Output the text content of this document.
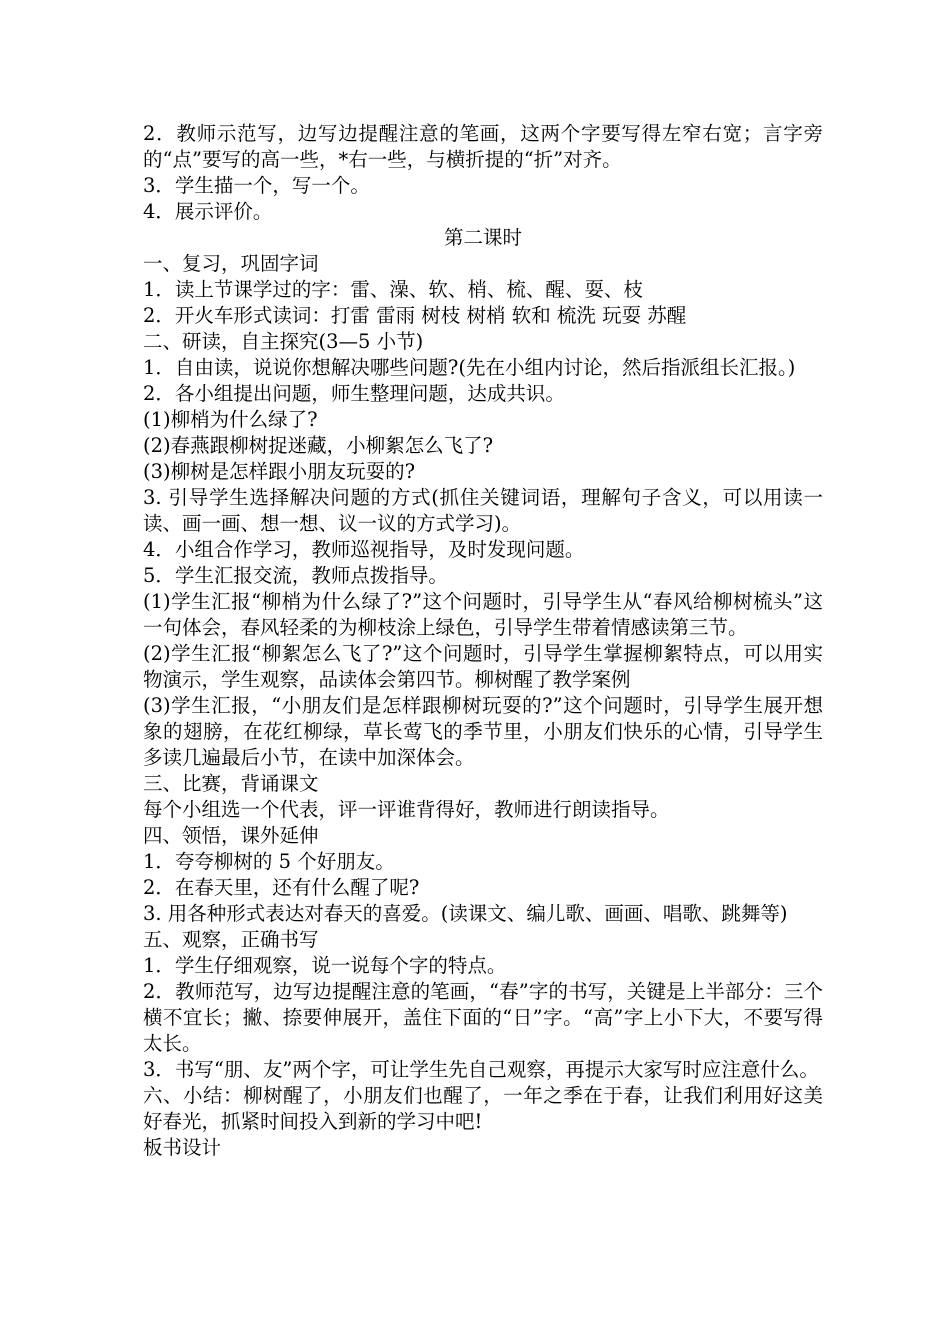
2．教师示范写，边写边提醒注意的笔画，这两个字要写得左窄右宽；言字旁的“点”要写的高一些，*右一些，与横折提的“折”对齐。

3．学生描一个，写一个。

4．展示评价。

第二课时

一、复习，巩固字词

1．读上节课学过的字：雷、澡、软、梢、梳、醒、耍、枝

2．开火车形式读词：打雷 雷雨 树枝 树梢 软和 梳洗 玩耍 苏醒

二、研读，自主探究(3—5 小节)

1．自由读，说说你想解决哪些问题?(先在小组内讨论，然后指派组长汇报。)

2．各小组提出问题，师生整理问题，达成共识。

(1)柳梢为什么绿了?

(2)春燕跟柳树捉迷藏，小柳絮怎么飞了?

(3)柳树是怎样跟小朋友玩耍的?

3. 引导学生选择解决问题的方式(抓住关键词语，理解句子含义，可以用读一读、画一画、想一想、议一议的方式学习)。

4．小组合作学习，教师巡视指导，及时发现问题。

5．学生汇报交流，教师点拨指导。

(1)学生汇报“柳梢为什么绿了?”这个问题时，引导学生从“春风给柳树梳头”这一句体会，春风轻柔的为柳枝涂上绿色，引导学生带着情感读第三节。

(2)学生汇报“柳絮怎么飞了?”这个问题时，引导学生掌握柳絮特点，可以用实物演示，学生观察，品读体会第四节。柳树醒了教学案例

(3)学生汇报，“小朋友们是怎样跟柳树玩耍的?”这个问题时，引导学生展开想象的翅膀，在花红柳绿，草长莺飞的季节里，小朋友们快乐的心情，引导学生多读几遍最后小节，在读中加深体会。

三、比赛，背诵课文

每个小组选一个代表，评一评谁背得好，教师进行朗读指导。

四、领悟，课外延伸

1．夸夸柳树的 5 个好朋友。

2．在春天里，还有什么醒了呢?

3. 用各种形式表达对春天的喜爱。(读课文、编儿歌、画画、唱歌、跳舞等)

五、观察，正确书写

1．学生仔细观察，说一说每个字的特点。

2．教师范写，边写边提醒注意的笔画，“春”字的书写，关键是上半部分：三个横不宜长；撇、捺要伸展开，盖住下面的“日”字。“高”字上小下大，不要写得太长。

3．书写“朋、友”两个字，可让学生先自己观察，再提示大家写时应注意什么。

六、小结：柳树醒了，小朋友们也醒了，一年之季在于春，让我们利用好这美好春光，抓紧时间投入到新的学习中吧!

板书设计
